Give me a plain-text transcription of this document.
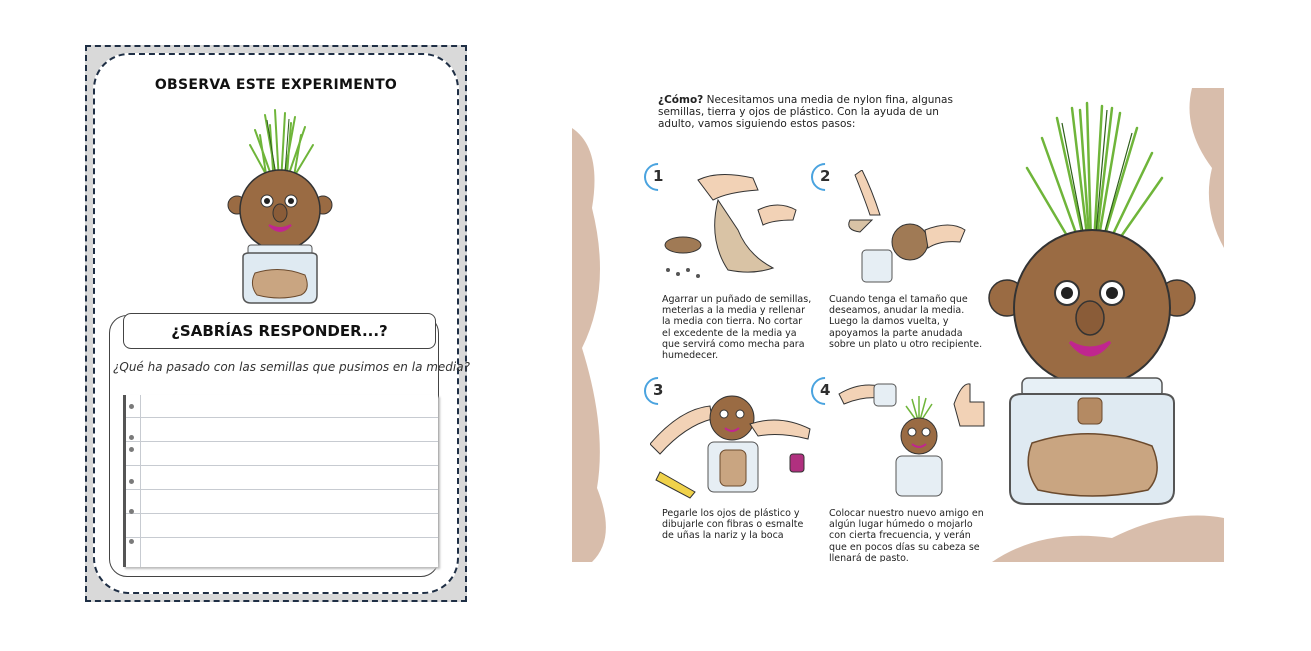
OBSERVA ESTE EXPERIMENTO
¿SABRÍAS RESPONDER...?
¿Qué ha pasado con las semillas que pusimos en la media?
¿Cómo? Necesitamos una media de nylon fina, algunas semillas, tierra y ojos de plástico. Con la ayuda de un adulto, vamos siguiendo estos pasos:
1
Agarrar un puñado de semillas, meterlas a la media y rellenar la media con tierra. No cortar el excedente de la media ya que servirá como mecha para humedecer.
2
Cuando tenga el tamaño que deseamos, anudar la media. Luego la damos vuelta, y apoyamos la parte anudada sobre un plato u otro recipiente.
3
Pegarle los ojos de plástico y dibujarle con fibras o esmalte de uñas la nariz y la boca
4
Colocar nuestro nuevo amigo en algún lugar húmedo o mojarlo con cierta frecuencia, y verán que en pocos días su cabeza se llenará de pasto.
